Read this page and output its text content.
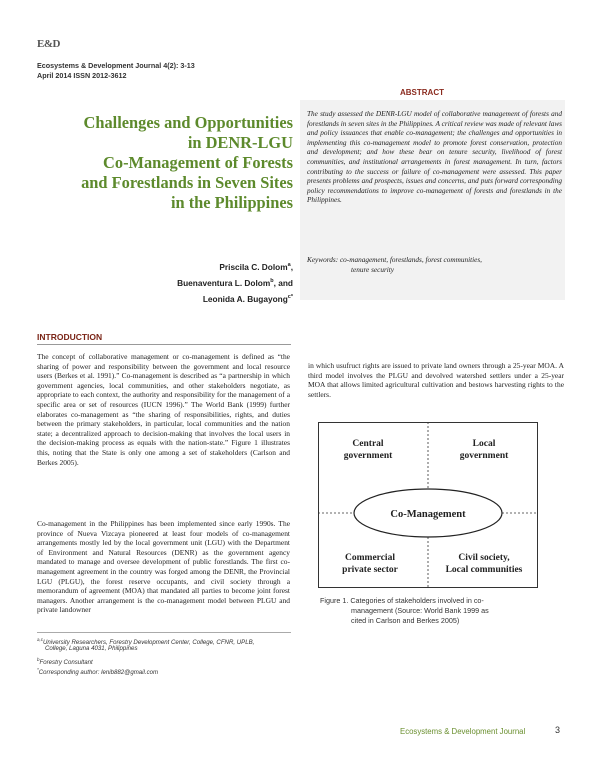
E&D
Ecosystems & Development Journal 4(2): 3-13
April 2014 ISSN 2012-3612
Challenges and Opportunities
in DENR-LGU
Co-Management of Forests
and Forestlands in Seven Sites
in the Philippines
Priscila C. Dolom$^a$,
Buenaventura L. Dolom$^b$, and
Leonida A. Bugayong$^{c*}$
ABSTRACT
The study assessed the DENR-LGU model of collaborative management of forests and forestlands in seven sites in the Philippines. A critical review was made of relevant laws and policy issuances that enable co-management; the challenges and opportunities in implementing this co-management model to promote forest conservation, protection and development; and how these bear on tenure security, livelihood of forest communities, and institutional arrangements in forest management. In turn, factors contributing to the success or failure of co-management were assessed. This paper presents problems and prospects, issues and concerns, and puts forward corresponding policy recommendations to improve co-management of forests and forestlands in the Philippines.
Keywords: co-management, forestlands, forest communities,
tenure security
INTRODUCTION
The concept of collaborative management or co-management is defined as “the sharing of power and responsibility between the government and local resource users (Berkes et al. 1991).” Co-management is described as “a partnership in which government agencies, local communities, and other stakeholders negotiate, as appropriate to each context, the authority and responsibility for the management of a specific area or set of resources (IUCN 1996).” The World Bank (1999) further elaborates co-management as “the sharing of responsibilities, rights, and duties between the primary stakeholders, in particular, local communities and the nation state; a decentralized approach to decision-making that involves the local users in the decision-making process as equals with the nation-state.” Figure 1 illustrates this, noting that the State is only one among a set of stakeholders (Carlson and Berkes 2005).
Co-management in the Philippines has been implemented since early 1990s. The province of Nueva Vizcaya pioneered at least four models of co-management arrangements mostly led by the local government unit (LGU) with the Department of Environment and Natural Resources (DENR) as the government agency mandated to manage and oversee development of public forestlands. The first co-management agreement in the country was forged among the DENR, the Provincial LGU (PLGU), the forest reserve occupants, and civil society through a memorandum of agreement (MOA) that mandated all parties to become joint forest managers. Another arrangement is the co-management model between PLGU and private landowner
in which usufruct rights are issued to private land owners through a 25-year MOA. A third model involves the PLGU and devolved watershed settlers under a 25-year MOA that allows limited agricultural cultivation and bestows harvesting rights to the settlers.
Central
government
Local
government
Commercial
private sector
Civil society,
Local communities
Co-Management
Figure 1. Categories of stakeholders involved in co-
management (Source: World Bank 1999 as
cited in Carlson and Berkes 2005)
$^{a,c}$University Researchers, Forestry Development Center, College, CFNR, UPLB,
College, Laguna 4031, Philippines
$^b$Forestry Consultant
*Corresponding author: lenib882@gmail.com
Ecosystems & Development Journal	3
